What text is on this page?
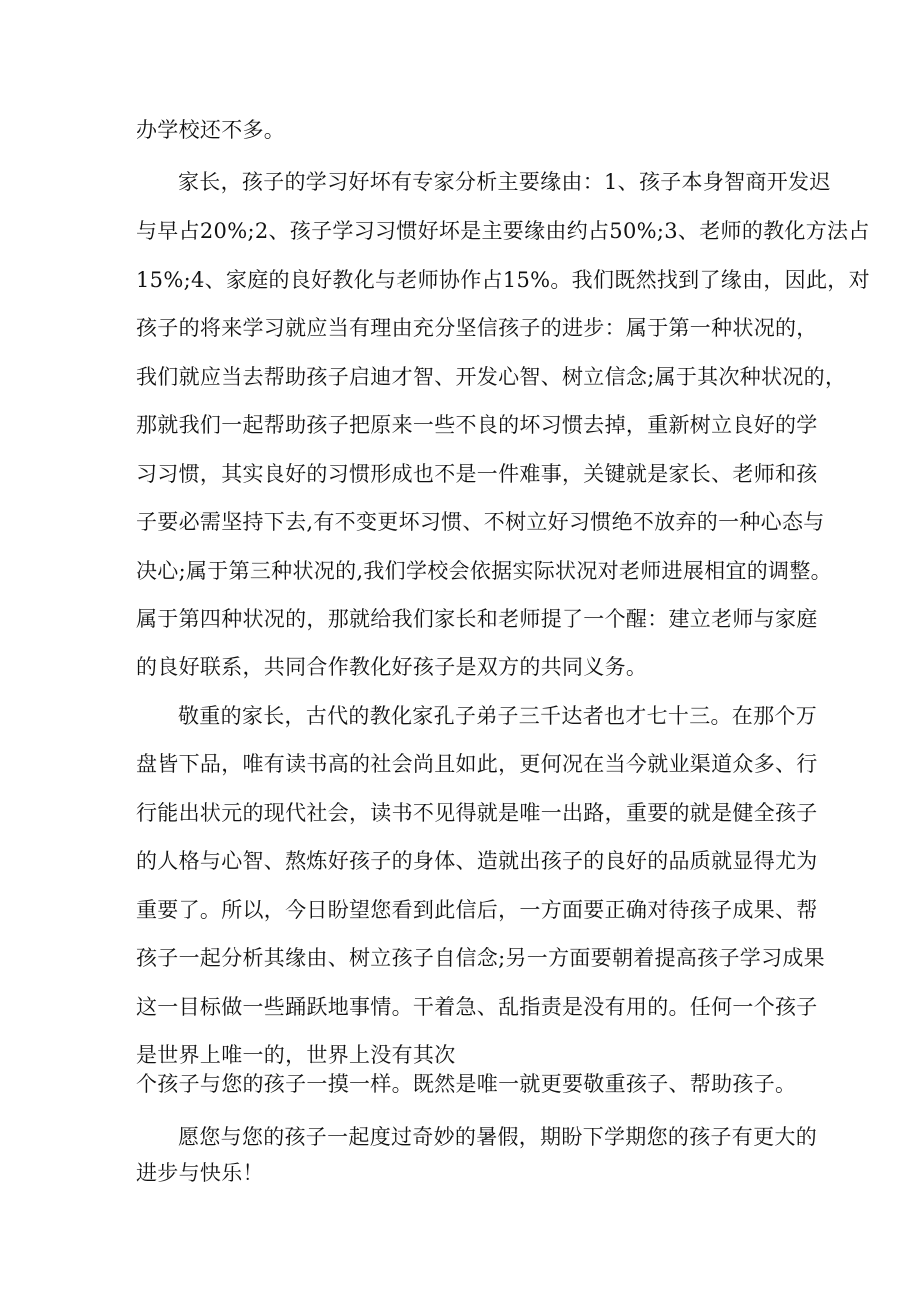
办学校还不多。
家长，孩子的学习好坏有专家分析主要缘由：1、孩子本身智商开发迟
与早占20%;2、孩子学习习惯好坏是主要缘由约占50%;3、老师的教化方法占
15%;4、家庭的良好教化与老师协作占15%。我们既然找到了缘由，因此，对
孩子的将来学习就应当有理由充分坚信孩子的进步：属于第一种状况的，
我们就应当去帮助孩子启迪才智、开发心智、树立信念;属于其次种状况的，
那就我们一起帮助孩子把原来一些不良的坏习惯去掉，重新树立良好的学
习习惯，其实良好的习惯形成也不是一件难事，关键就是家长、老师和孩
子要必需坚持下去,有不变更坏习惯、不树立好习惯绝不放弃的一种心态与
决心;属于第三种状况的,我们学校会依据实际状况对老师进展相宜的调整。
属于第四种状况的，那就给我们家长和老师提了一个醒：建立老师与家庭
的良好联系，共同合作教化好孩子是双方的共同义务。
敬重的家长，古代的教化家孔子弟子三千达者也才七十三。在那个万
盘皆下品，唯有读书高的社会尚且如此，更何况在当今就业渠道众多、行
行能出状元的现代社会，读书不见得就是唯一出路，重要的就是健全孩子
的人格与心智、熬炼好孩子的身体、造就出孩子的良好的品质就显得尤为
重要了。所以，今日盼望您看到此信后，一方面要正确对待孩子成果、帮
孩子一起分析其缘由、树立孩子自信念;另一方面要朝着提高孩子学习成果
这一目标做一些踊跃地事情。干着急、乱指责是没有用的。任何一个孩子
是世界上唯一的，世界上没有其次
个孩子与您的孩子一摸一样。既然是唯一就更要敬重孩子、帮助孩子。
愿您与您的孩子一起度过奇妙的暑假，期盼下学期您的孩子有更大的
进步与快乐！
